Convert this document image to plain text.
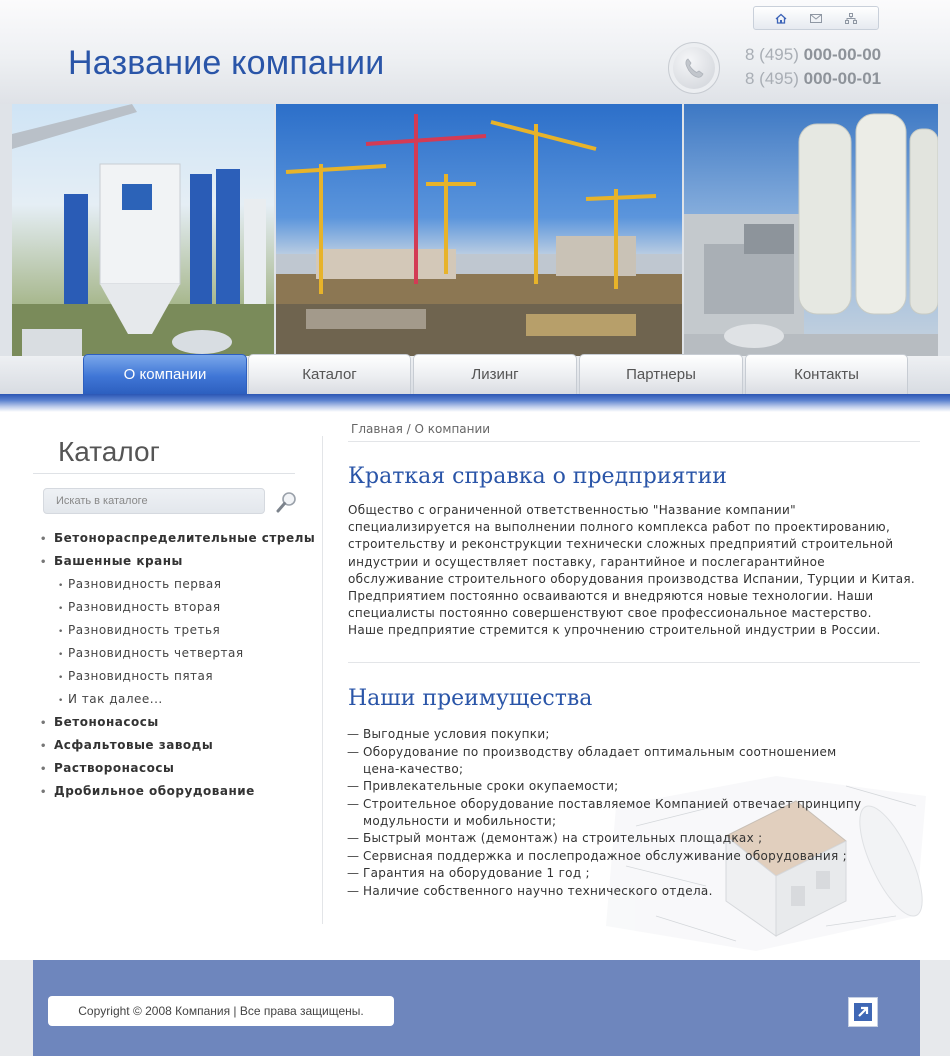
Название компании	8 (495) 000-00-00
8 (495) 000-00-01
О компании	Каталог	Лизинг	Партнеры	Контакты
Каталог
Искать в каталоге
• Бетонораспределительные стрелы
• Башенные краны
• Разновидность первая
• Разновидность вторая
• Разновидность третья
• Разновидность четвертая
• Разновидность пятая
• И так далее...
• Бетононасосы
• Асфальтовые заводы
• Растворонасосы
• Дробильное оборудование
Главная / О компании
Краткая справка о предприятии
Общество с ограниченной ответственностью "Название компании"
специализируется на выполнении полного комплекса работ по проектированию,
строительству и реконструкции технически сложных предприятий строительной
индустрии и осуществляет поставку, гарантийное и послегарантийное
обслуживание строительного оборудования производства Испании, Турции и Китая.
Предприятием постоянно осваиваются и внедряются новые технологии. Наши
специалисты постоянно совершенствуют свое профессиональное мастерство.
Наше предприятие стремится к упрочнению строительной индустрии в России.
Наши преимущества
— Выгодные условия покупки;
— Оборудование по производству обладает оптимальным соотношением цена-качество;
— Привлекательные сроки окупаемости;
— Строительное оборудование поставляемое Компанией отвечает принципу модульности и мобильности;
— Быстрый монтаж (демонтаж) на строительных площадках ;
— Сервисная поддержка и послепродажное обслуживание оборудования ;
— Гарантия на оборудование 1 год ;
— Наличие собственного научно технического отдела.
Copyright © 2008 Компания | Все права защищены.
